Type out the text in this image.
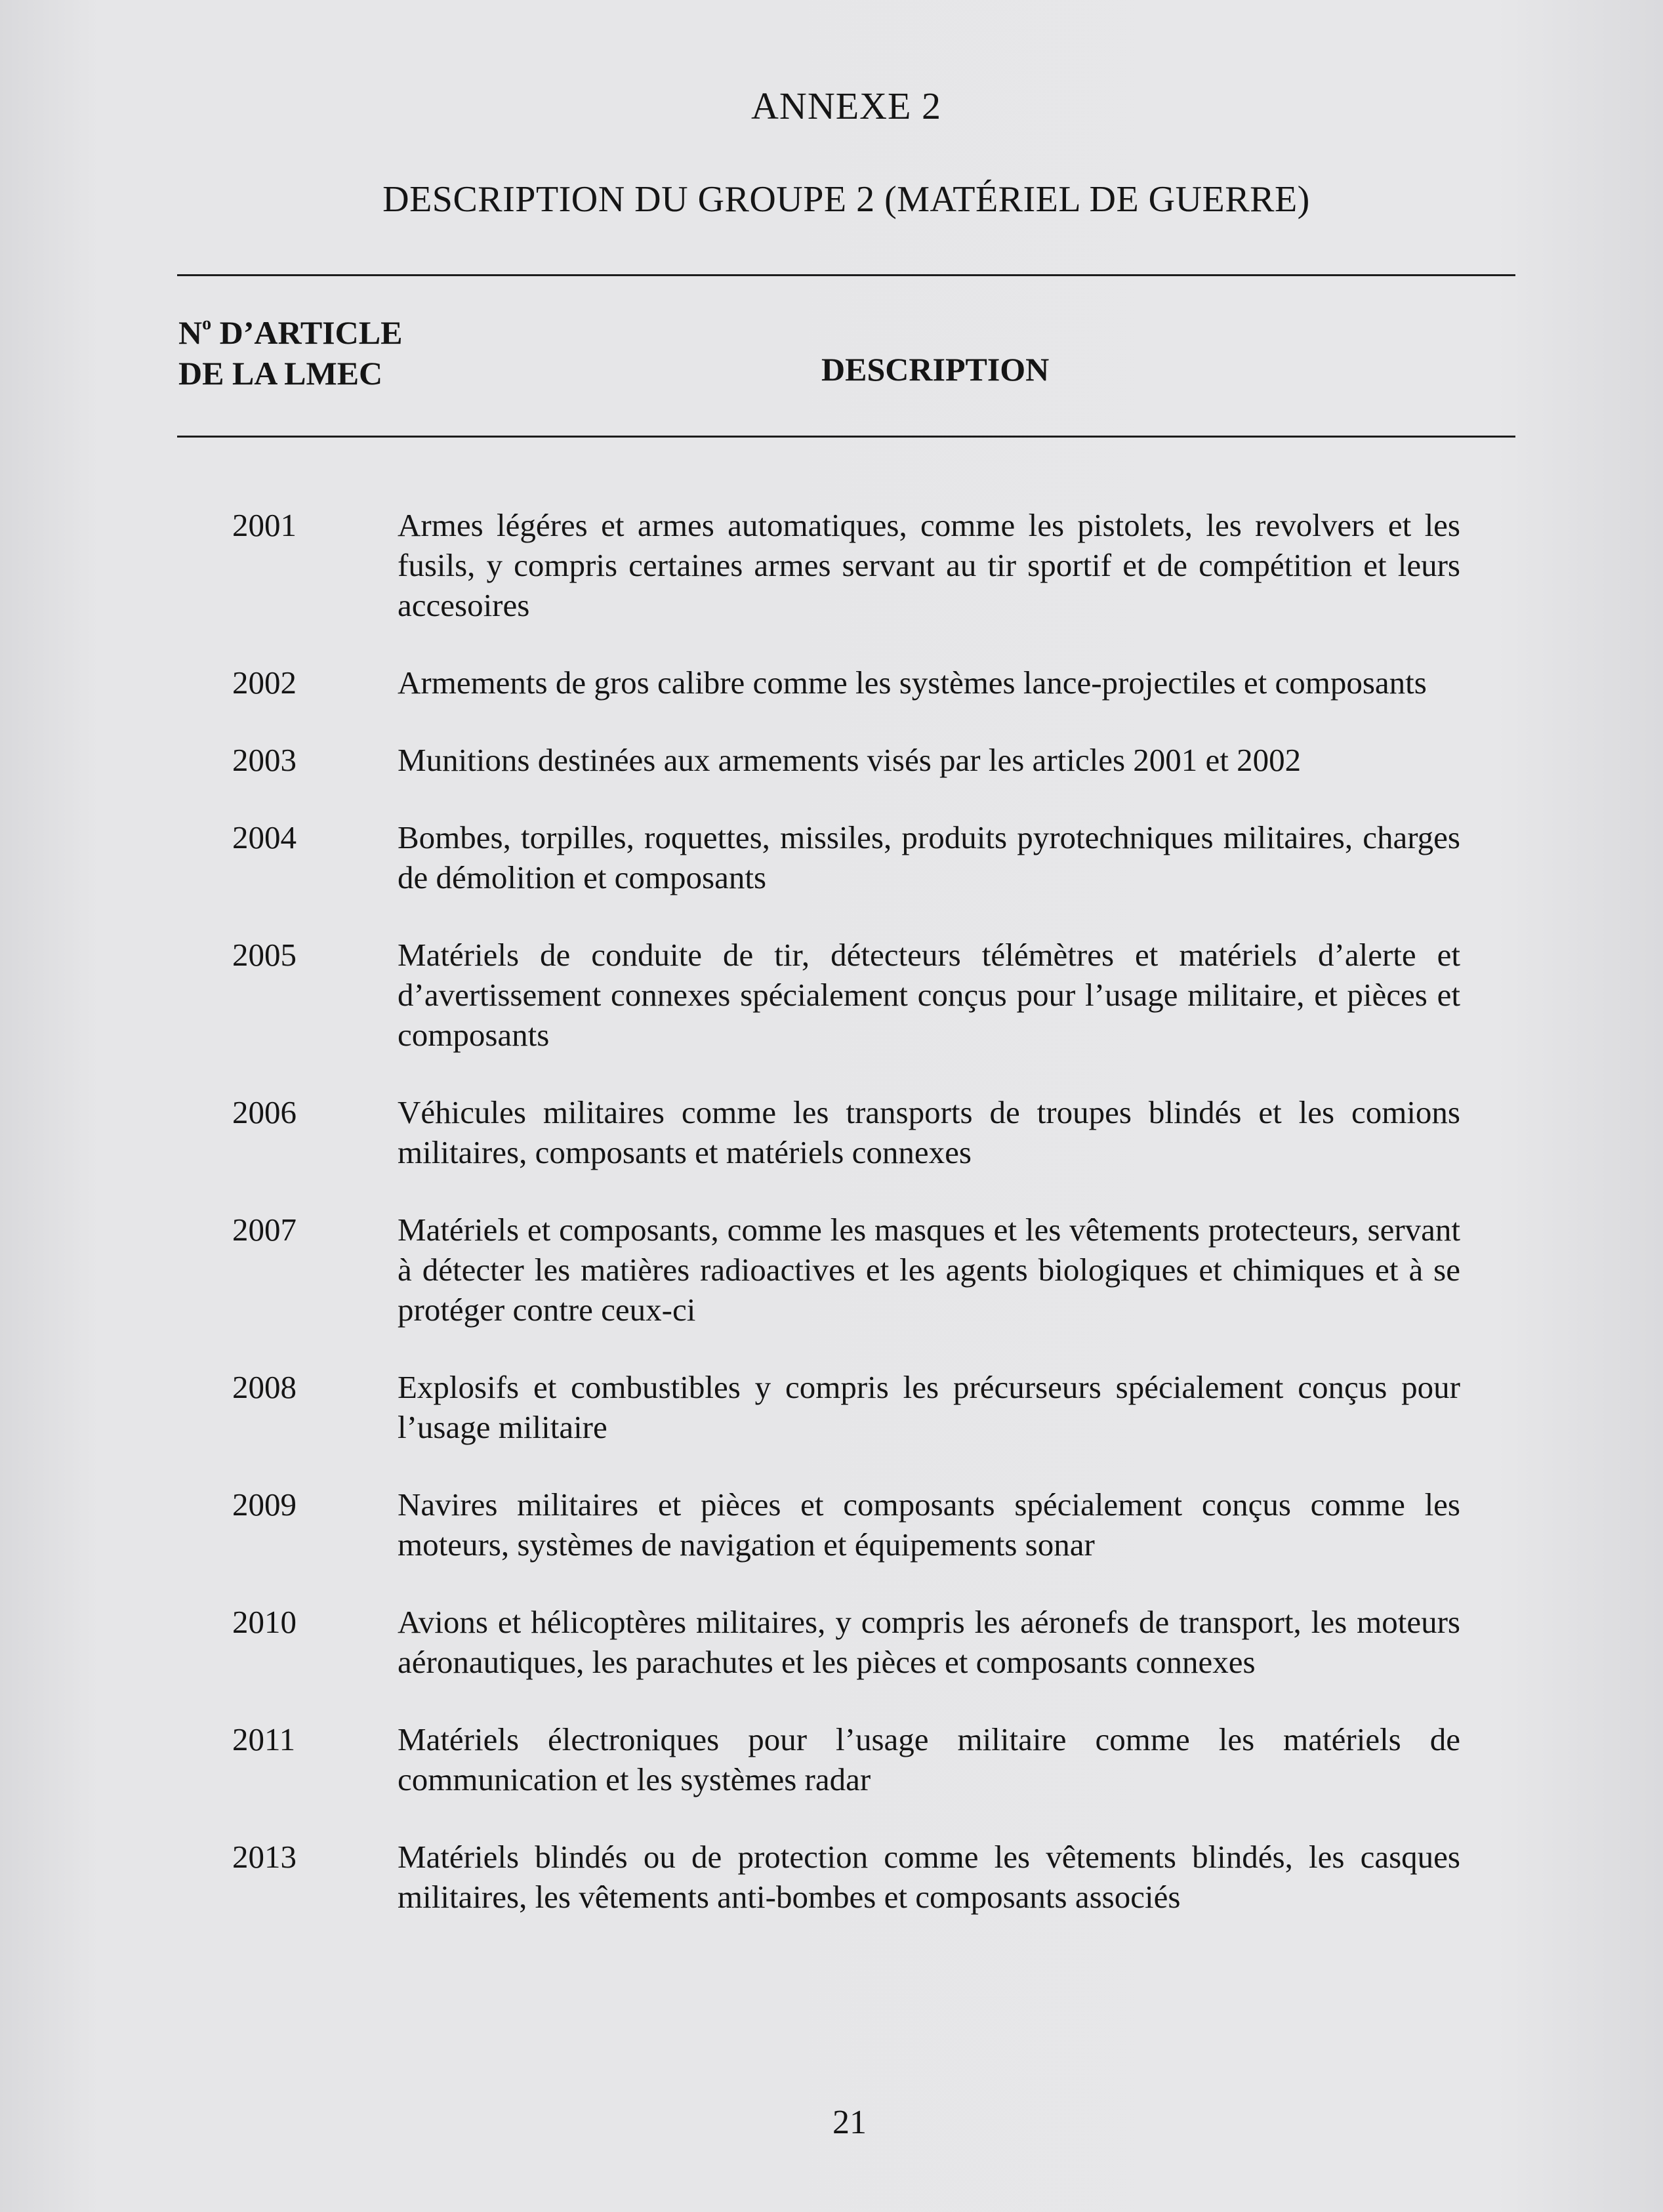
ANNEXE 2
DESCRIPTION DU GROUPE 2 (MATÉRIEL DE GUERRE)
$N^o$ D’ARTICLE
DE LA LMEC	DESCRIPTION
2001	Armes légéres et armes automatiques, comme les pistolets, les revolvers et les fusils, y compris certaines armes servant au tir sportif et de compétition et leurs accesoires
2002	Armements de gros calibre comme les systèmes lance-projectiles et composants
2003	Munitions destinées aux armements visés par les articles 2001 et 2002
2004	Bombes, torpilles, roquettes, missiles, produits pyrotechniques militaires, charges de démolition et composants
2005	Matériels de conduite de tir, détecteurs télémètres et matériels d’alerte et d’avertissement connexes spécialement conçus pour l’usage militaire, et pièces et composants
2006	Véhicules militaires comme les transports de troupes blindés et les comions militaires, composants et matériels connexes
2007	Matériels et composants, comme les masques et les vêtements protecteurs, servant à détecter les matières radioactives et les agents biologiques et chimiques et à se protéger contre ceux-ci
2008	Explosifs et combustibles y compris les précurseurs spécialement conçus pour l’usage militaire
2009	Navires militaires et pièces et composants spécialement conçus comme les moteurs, systèmes de navigation et équipements sonar
2010	Avions et hélicoptères militaires, y compris les aéronefs de transport, les moteurs aéronautiques, les parachutes et les pièces et composants connexes
2011	Matériels électroniques pour l’usage militaire comme les matériels de communication et les systèmes radar
2013	Matériels blindés ou de protection comme les vêtements blindés, les casques militaires, les vêtements anti-bombes et composants associés
21
